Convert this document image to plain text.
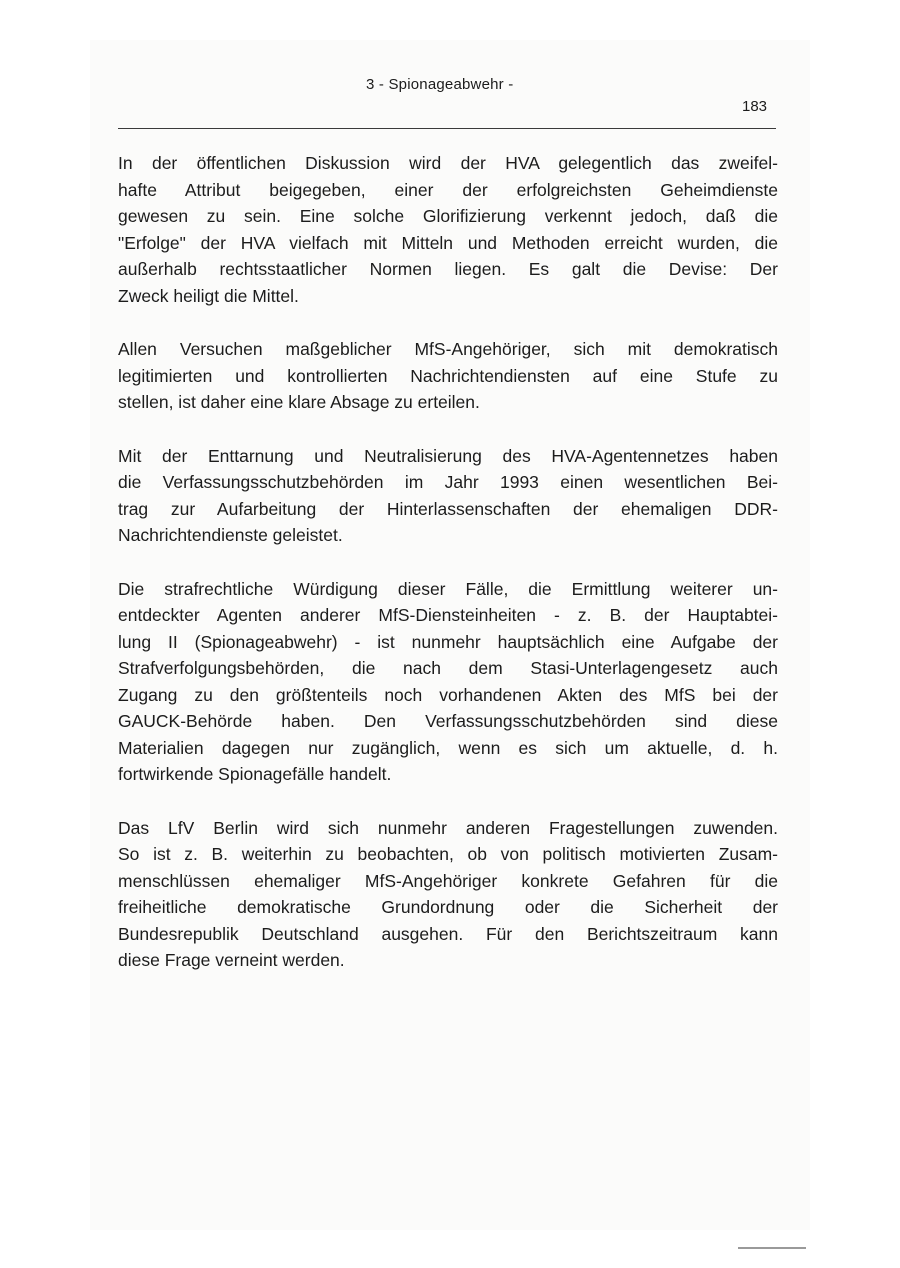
3 - Spionageabwehr -
183
In der öffentlichen Diskussion wird der HVA gelegentlich das zweifel-
hafte Attribut beigegeben, einer der erfolgreichsten Geheimdienste
gewesen zu sein. Eine solche Glorifizierung verkennt jedoch, daß die
"Erfolge" der HVA vielfach mit Mitteln und Methoden erreicht wurden, die
außerhalb rechtsstaatlicher Normen liegen. Es galt die Devise: Der
Zweck heiligt die Mittel.
Allen Versuchen maßgeblicher MfS-Angehöriger, sich mit demokratisch
legitimierten und kontrollierten Nachrichtendiensten auf eine Stufe zu
stellen, ist daher eine klare Absage zu erteilen.
Mit der Enttarnung und Neutralisierung des HVA-Agentennetzes haben
die Verfassungsschutzbehörden im Jahr 1993 einen wesentlichen Bei-
trag zur Aufarbeitung der Hinterlassenschaften der ehemaligen DDR-
Nachrichtendienste geleistet.
Die strafrechtliche Würdigung dieser Fälle, die Ermittlung weiterer un-
entdeckter Agenten anderer MfS-Diensteinheiten - z. B. der Hauptabtei-
lung II (Spionageabwehr) - ist nunmehr hauptsächlich eine Aufgabe der
Strafverfolgungsbehörden, die nach dem Stasi-Unterlagengesetz auch
Zugang zu den größtenteils noch vorhandenen Akten des MfS bei der
GAUCK-Behörde haben. Den Verfassungsschutzbehörden sind diese
Materialien dagegen nur zugänglich, wenn es sich um aktuelle, d. h.
fortwirkende Spionagefälle handelt.
Das LfV Berlin wird sich nunmehr anderen Fragestellungen zuwenden.
So ist z. B. weiterhin zu beobachten, ob von politisch motivierten Zusam-
menschlüssen ehemaliger MfS-Angehöriger konkrete Gefahren für die
freiheitliche demokratische Grundordnung oder die Sicherheit der
Bundesrepublik Deutschland ausgehen. Für den Berichtszeitraum kann
diese Frage verneint werden.
